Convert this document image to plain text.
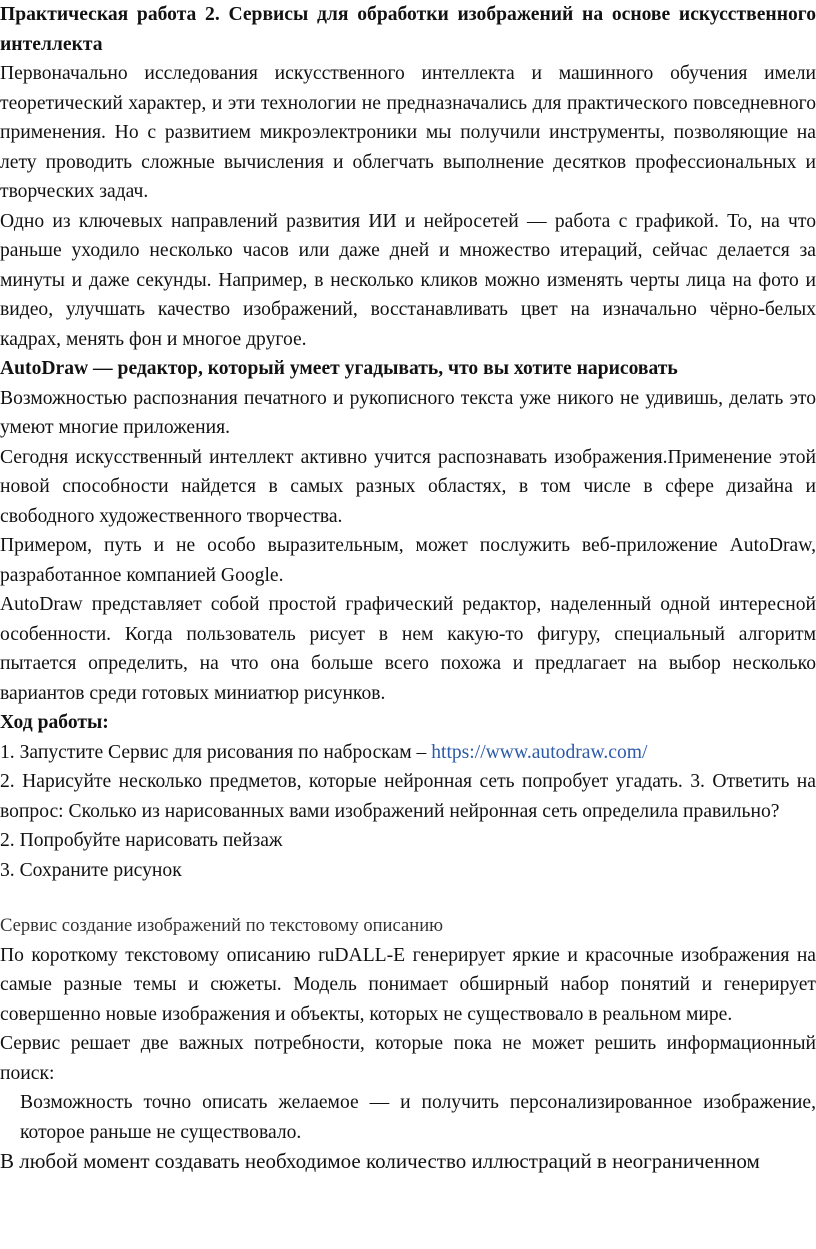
Практическая работа 2. Сервисы для обработки изображений на основе искусственного интеллекта

Первоначально исследования искусственного интеллекта и машинного обучения имели теоретический характер, и эти технологии не предназначались для практического повседневного применения. Но с развитием микроэлектроники мы получили инструменты, позволяющие на лету проводить сложные вычисления и облегчать выполнение десятков профессиональных и творческих задач.

Одно из ключевых направлений развития ИИ и нейросетей — работа с графикой. То, на что раньше уходило несколько часов или даже дней и множество итераций, сейчас делается за минуты и даже секунды. Например, в несколько кликов можно изменять черты лица на фото и видео, улучшать качество изображений, восстанавливать цвет на изначально чёрно-белых кадрах, менять фон и многое другое.

AutoDraw — редактор, который умеет угадывать, что вы хотите нарисовать

Возможностью распознания печатного и рукописного текста уже никого не удивишь, делать это умеют многие приложения.

Сегодня искусственный интеллект активно учится распознавать изображения.Применение этой новой способности найдется в самых разных областях, в том числе в сфере дизайна и свободного художественного творчества.

Примером, путь и не особо выразительным, может послужить веб-приложение AutoDraw, разработанное компанией Google.

AutoDraw представляет собой простой графический редактор, наделенный одной интересной особенности. Когда пользователь рисует в нем какую-то фигуру, специальный алгоритм пытается определить, на что она больше всего похожа и предлагает на выбор несколько вариантов среди готовых миниатюр рисунков.

Ход работы:

1. Запустите Сервис для рисования по наброскам – https://www.autodraw.com/

2. Нарисуйте несколько предметов, которые нейронная сеть попробует угадать. 3. Ответить на вопрос: Сколько из нарисованных вами изображений нейронная сеть определила правильно?

2. Попробуйте нарисовать пейзаж

3. Сохраните рисунок

Сервис создание изображений по текстовому описанию

По короткому текстовому описанию ruDALL-E генерирует яркие и красочные изображения на самые разные темы и сюжеты. Модель понимает обширный набор понятий и генерирует совершенно новые изображения и объекты, которых не существовало в реальном мире.

Сервис решает две важных потребности, которые пока не может решить информационный поиск:

Возможность точно описать желаемое — и получить персонализированное изображение, которое раньше не существовало.

В любой момент создавать необходимое количество иллюстраций в неограниченном
